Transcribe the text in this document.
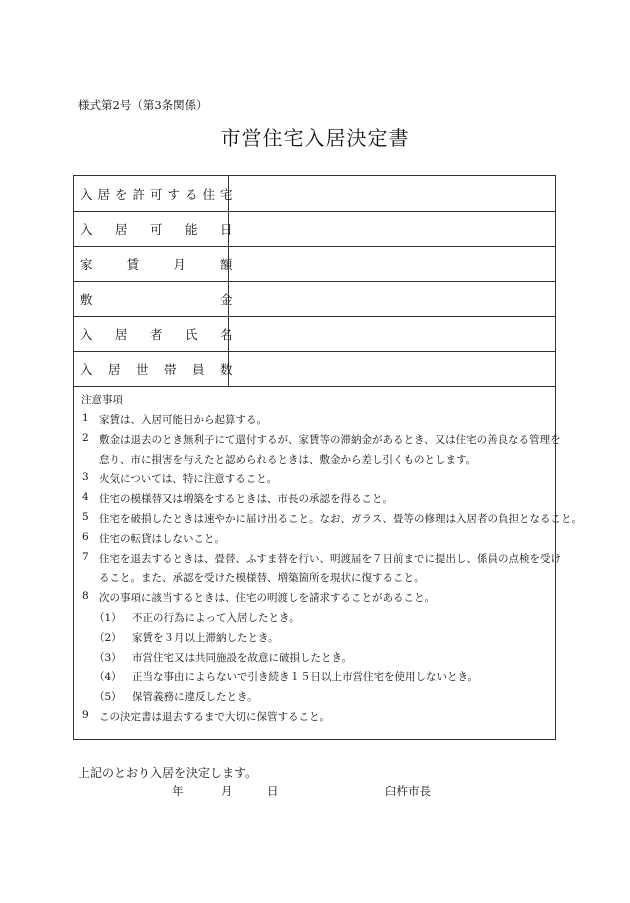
様式第2号（第3条関係）
市営住宅入居決定書
入 居 を 許 可 す る 住 宅
入 居 可 能 日
家	賃	月	額
敷	金
入 居 者 氏 名
入 居 世 帯 員 数
注意事項
1 家賃は、入居可能日から起算する。
2 敷金は退去のとき無利子にて還付するが、家賃等の滞納金があるとき、又は住宅の善良なる管理を
怠り、市に損害を与えたと認められるときは、敷金から差し引くものとします。
3 火気については、特に注意すること。
4 住宅の模様替又は増築をするときは、市長の承認を得ること。
5 住宅を破損したときは速やかに届け出ること。なお、ガラス、畳等の修理は入居者の負担となること。
6 住宅の転貸はしないこと。
7 住宅を退去するときは、畳替、ふすま替を行い、明渡届を７日前までに提出し、係員の点検を受け
ること。また、承認を受けた模様替、増築箇所を現状に復すること。
8 次の事項に該当するときは、住宅の明渡しを請求することがあること。
（1） 不正の行為によって入居したとき。
（2） 家賃を３月以上滞納したとき。
（3） 市営住宅又は共同施設を故意に破損したとき。
（4） 正当な事由によらないで引き続き１５日以上市営住宅を使用しないとき。
（5） 保管義務に違反したとき。
9 この決定書は退去するまで大切に保管すること。
上記のとおり入居を決定します。
年	月	日	臼杵市長
